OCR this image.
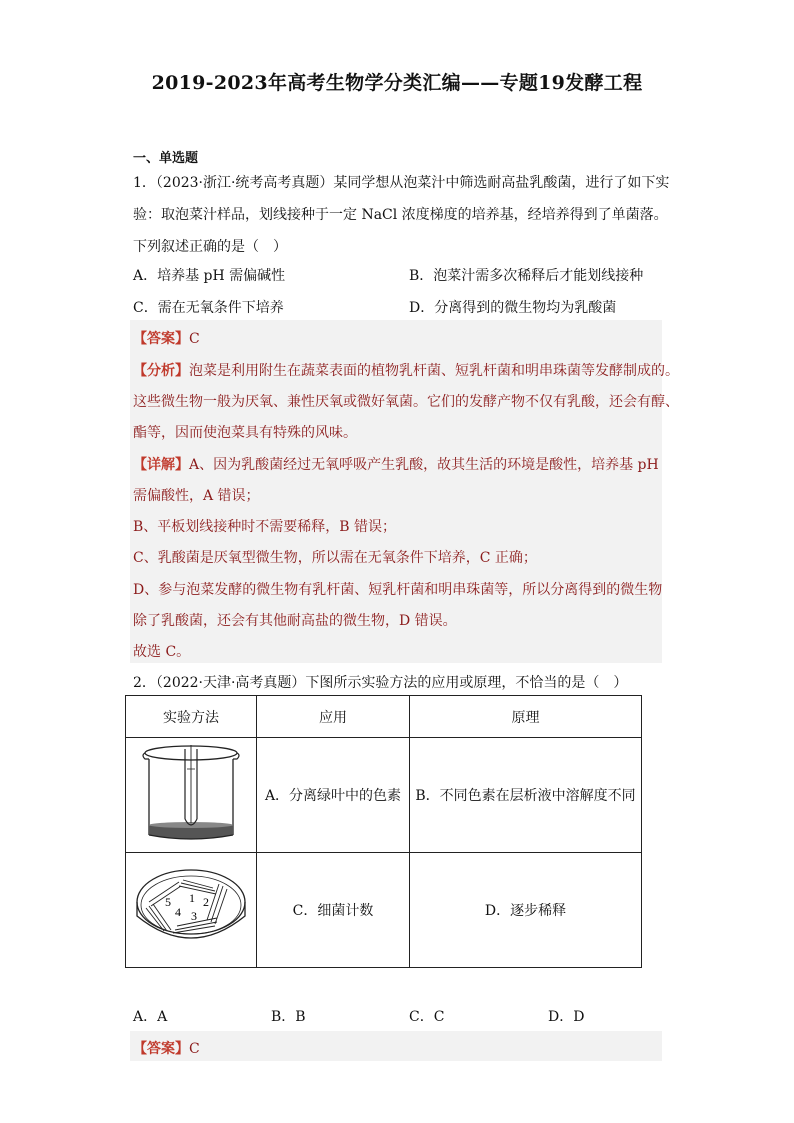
2019-2023年高考生物学分类汇编——专题19发酵工程
一、单选题
1．（2023·浙江·统考高考真题）某同学想从泡菜汁中筛选耐高盐乳酸菌，进行了如下实
验：取泡菜汁样品，划线接种于一定 NaCl 浓度梯度的培养基，经培养得到了单菌落。
下列叙述正确的是（　）
A．培养基 pH 需偏碱性	B．泡菜汁需多次稀释后才能划线接种
C．需在无氧条件下培养	D．分离得到的微生物均为乳酸菌
【答案】C
【分析】泡菜是利用附生在蔬菜表面的植物乳杆菌、短乳杆菌和明串珠菌等发酵制成的。
这些微生物一般为厌氧、兼性厌氧或微好氧菌。它们的发酵产物不仅有乳酸，还会有醇、
酯等，因而使泡菜具有特殊的风味。
【详解】A、因为乳酸菌经过无氧呼吸产生乳酸，故其生活的环境是酸性，培养基 pH
需偏酸性，A 错误；
B、平板划线接种时不需要稀释，B 错误；
C、乳酸菌是厌氧型微生物，所以需在无氧条件下培养，C 正确；
D、参与泡菜发酵的微生物有乳杆菌、短乳杆菌和明串珠菌等，所以分离得到的微生物
除了乳酸菌，还会有其他耐高盐的微生物，D 错误。
故选 C。
2．（2022·天津·高考真题）下图所示实验方法的应用或原理，不恰当的是（　）
实验方法	应用	原理
	A．分离绿叶中的色素	B．不同色素在层析液中溶解度不同

1 2
3
4
5	C．细菌计数	D．逐步稀释
A．A	B．B	C．C	D．D
【答案】C
